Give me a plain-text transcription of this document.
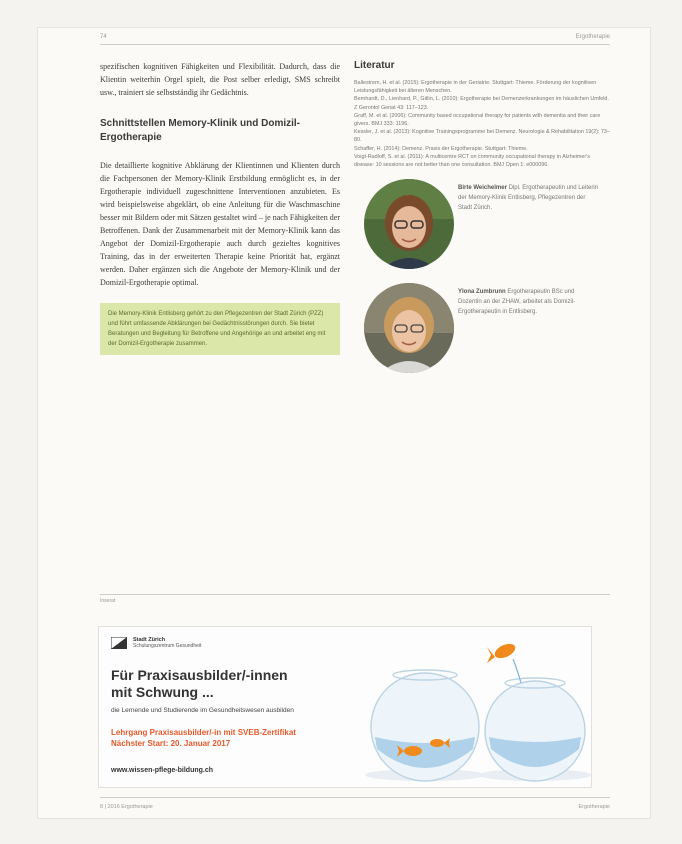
74	Ergotherapie

spezifischen kognitiven Fähigkeiten und Flexibilität. Dadurch, dass die Klientin weiterhin Orgel spielt, die Post selber erledigt, SMS schreibt usw., trainiert sie selbstständig ihr Gedächtnis.

Schnittstellen Memory-Klinik und Domizil-Ergotherapie

Die detaillierte kognitive Abklärung der Klientinnen und Klienten durch die Fachpersonen der Memory-Klinik Erstbildung ermöglicht es, in der Ergotherapie individuell zugeschnittene Interventionen anzubieten. Es wird beispielsweise abgeklärt, ob eine Anleitung für die Waschmaschine besser mit Bildern oder mit Sätzen gestaltet wird – je nach Fähigkeiten der Betroffenen. Dank der Zusammenarbeit mit der Memory-Klinik kann das Angebot der Domizil-Ergotherapie auch durch gezieltes kognitives Training, das in der erweiterten Therapie keine Priorität hat, ergänzt werden. Daher ergänzen sich die Angebote der Memory-Klinik und der Domizil-Ergotherapie optimal.

Die Memory-Klinik Entlisberg gehört zu den Pflegezentren der Stadt Zürich (PZZ) und führt umfassende Abklärungen bei Gedächtnisstörungen durch. Sie bietet Beratungen und Begleitung für Betroffene und Angehörige an und arbeitet eng mit der Domizil-Ergotherapie zusammen.
Literatur

Ballestrem, H. et al. (2015): Ergotherapie in der Geriatrie. Stuttgart: Thieme. Förderung der kognitiven Leistungsfähigkeit bei älteren Menschen.

Bernhardt, D., Lienhard, P., Gitlin, L. (2010): Ergotherapie bei Demenzerkrankungen im häuslichen Umfeld. Z Gerontol Geriat 43: 117–123.

Graff, M. et al. (2006): Community based occupational therapy for patients with dementia and their care givers. BMJ 333: 1196.

Kessler, J. et al. (2013): Kognitive Trainingsprogramme bei Demenz. Neurologie & Rehabilitation 19(2): 73–80.

Schaffer, H. (2014): Demenz. Praxis der Ergotherapie. Stuttgart: Thieme.

Voigt-Radloff, S. et al. (2011): A multicentre RCT on community occupational therapy in Alzheimer's disease: 10 sessions are not better than one consultation. BMJ Open 1: e000096.

Birte Weichelmer Dipl. Ergotherapeutin und Leiterin der Memory-Klinik Entlisberg, Pflegezentren der Stadt Zürich.

Ylona Zumbrunn Ergotherapeutin BSc und Dozentin an der ZHAW, arbeitet als Domizil-Ergotherapeutin in Entlisberg.

Inserat
Stadt Zürich
Schulungszentrum Gesundheit
Für Praxisausbilder/-innen
mit Schwung ...
die Lernende und Studierende im Gesundheitswesen ausbilden
Lehrgang Praxisausbilder/-in mit SVEB-Zertifikat
Nächster Start: 20. Januar 2017
www.wissen-pflege-bildung.ch
8 | 2016 Ergotherapie	Ergotherapie
